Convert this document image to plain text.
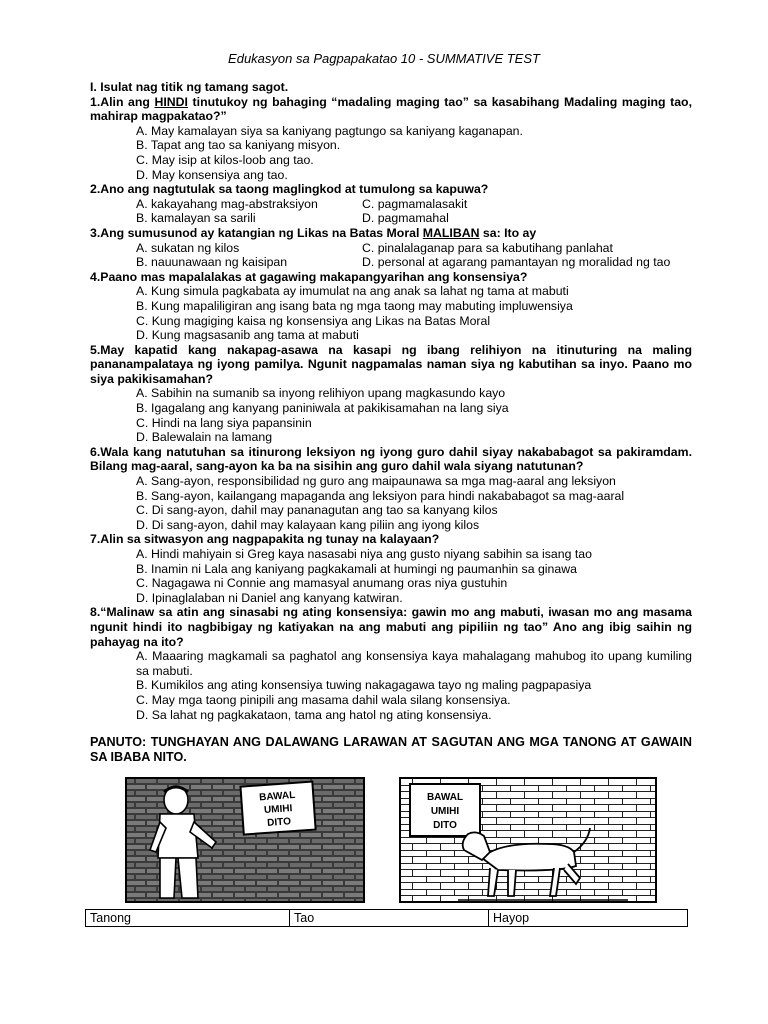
Edukasyon sa Pagpapakatao 10 - SUMMATIVE TEST
I. Isulat nag titik ng tamang sagot.
1.Alin ang HINDI tinutukoy ng bahaging “madaling maging tao” sa kasabihang Madaling maging tao, mahirap magpakatao?”
A. May kamalayan siya sa kaniyang pagtungo sa kaniyang kaganapan.
B. Tapat ang tao sa kaniyang misyon.
C. May isip at kilos-loob ang tao.
D. May konsensiya ang tao.
2.Ano ang nagtutulak sa taong maglingkod at tumulong sa kapuwa?
A. kakayahang mag-abstraksiyon	C. pagmamalasakit
B. kamalayan sa sarili	D. pagmamahal
3.Ang sumusunod ay katangian ng Likas na Batas Moral MALIBAN sa: Ito ay
A. sukatan ng kilos	C. pinalalaganap para sa kabutihang panlahat
B. nauunawaan ng kaisipan	D. personal at agarang pamantayan ng moralidad ng tao
4.Paano mas mapalalakas at gagawing makapangyarihan ang konsensiya?
A. Kung simula pagkabata ay imumulat na ang anak sa lahat ng tama at mabuti
B. Kung mapaliligiran ang isang bata ng mga taong may mabuting impluwensiya
C. Kung magiging kaisa ng konsensiya ang Likas na Batas Moral
D. Kung magsasanib ang tama at mabuti
5.May kapatid kang nakapag-asawa na kasapi ng ibang relihiyon na itinuturing na maling pananampalataya ng iyong pamilya. Ngunit nagpamalas naman siya ng kabutihan sa inyo. Paano mo siya pakikisamahan?
A. Sabihin na sumanib sa inyong relihiyon upang magkasundo kayo
B. Igagalang ang kanyang paniniwala at pakikisamahan na lang siya
C. Hindi na lang siya papansinin
D. Balewalain na lamang
6.Wala kang natutuhan sa itinurong leksiyon ng iyong guro dahil siyay nakababagot sa pakiramdam. Bilang mag-aaral, sang-ayon ka ba na sisihin ang guro dahil wala siyang natutunan?
A. Sang-ayon, responsibilidad ng guro ang maipaunawa sa mga mag-aaral ang leksiyon
B. Sang-ayon, kailangang mapaganda ang leksiyon para hindi nakababagot sa mag-aaral
C. Di sang-ayon, dahil may pananagutan ang tao sa kanyang kilos
D. Di sang-ayon, dahil may kalayaan kang piliin ang iyong kilos
7.Alin sa sitwasyon ang nagpapakita ng tunay na kalayaan?
A. Hindi mahiyain si Greg kaya nasasabi niya ang gusto niyang sabihin sa isang tao
B. Inamin ni Lala ang kaniyang pagkakamali at humingi ng paumanhin sa ginawa
C. Nagagawa ni Connie ang mamasyal anumang oras niya gustuhin
D. Ipinaglalaban ni Daniel ang kanyang katwiran.
8.“Malinaw sa atin ang sinasabi ng ating konsensiya: gawin mo ang mabuti, iwasan mo ang masama ngunit hindi ito nagbibigay ng katiyakan na ang mabuti ang pipiliin ng tao” Ano ang ibig saihin ng pahayag na ito?
A. Maaaring magkamali sa paghatol ang konsensiya kaya mahalagang mahubog ito upang kumiling sa mabuti.
B. Kumikilos ang ating konsensiya tuwing nakagagawa tayo ng maling pagpapasiya
C. May mga taong pinipili ang masama dahil wala silang konsensiya.
D. Sa lahat ng pagkakataon, tama ang hatol ng ating konsensiya.
PANUTO: TUNGHAYAN ANG DALAWANG LARAWAN AT SAGUTAN ANG MGA TANONG AT GAWAIN SA IBABA NITO.
BAWAL
UMIHI
DITO
BAWAL
UMIHI
DITO
Tanong	Tao	Hayop
